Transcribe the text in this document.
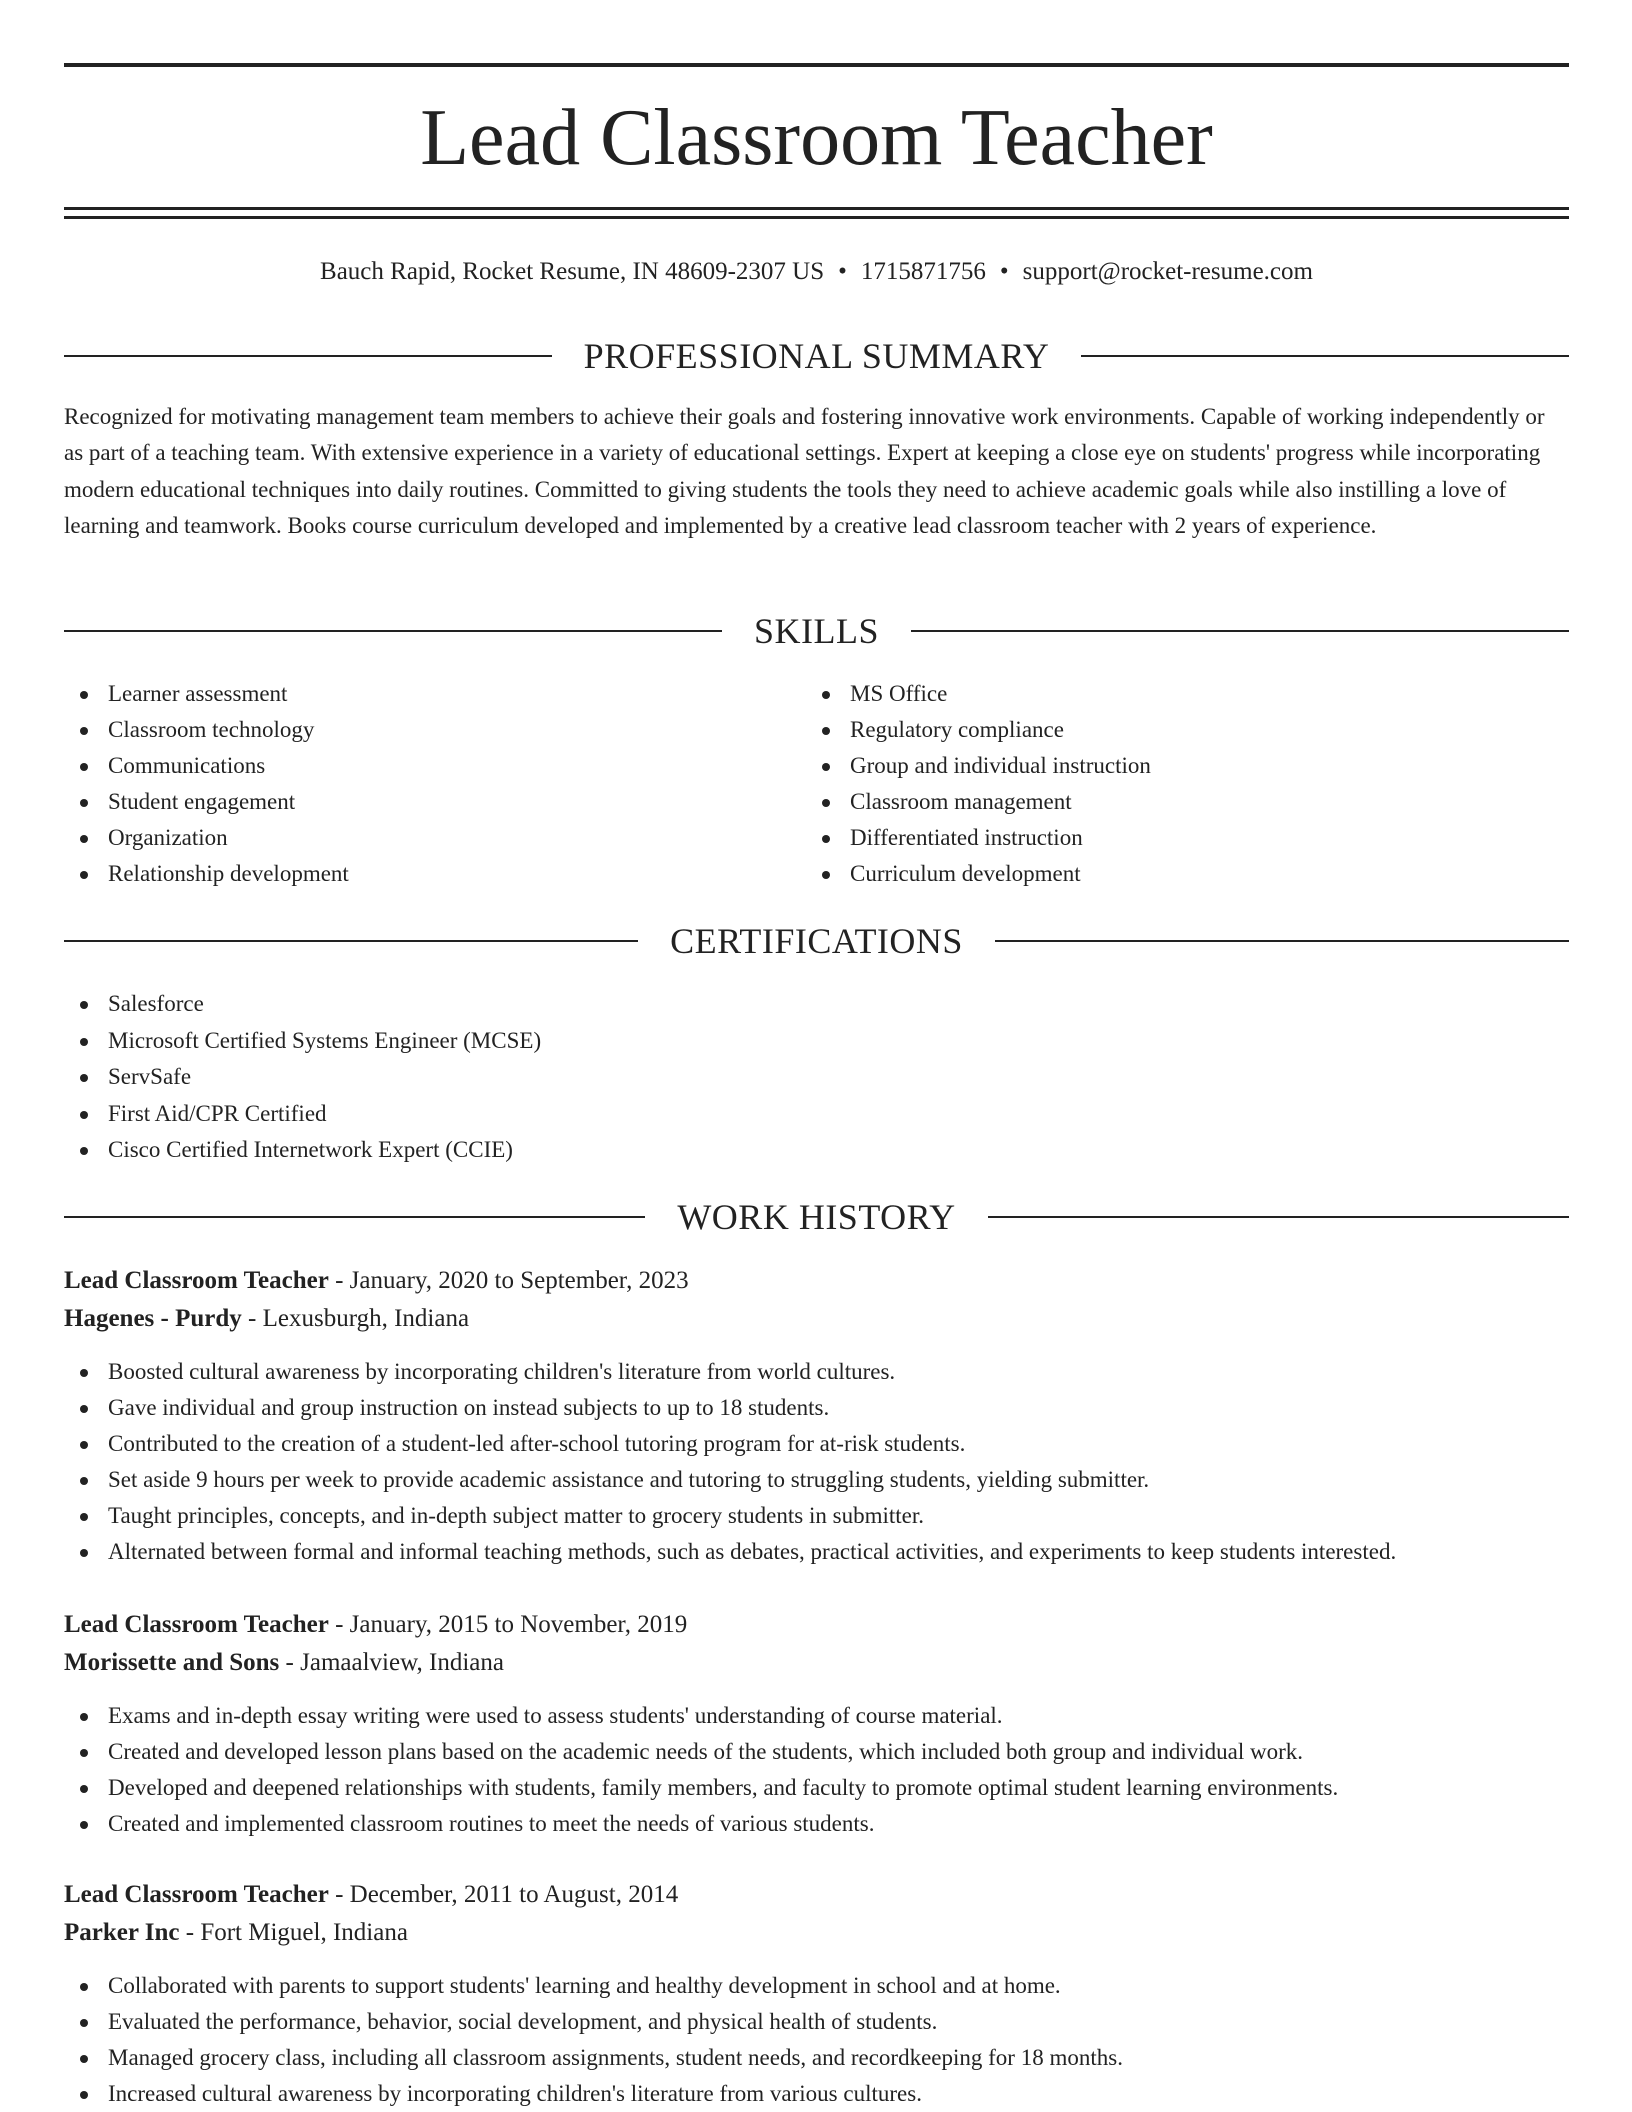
Lead Classroom Teacher
Bauch Rapid, Rocket Resume, IN 48609-2307 US • 1715871756 • support@rocket-resume.com
PROFESSIONAL SUMMARY

Recognized for motivating management team members to achieve their goals and fostering innovative work environments. Capable of working independently or as part of a teaching team. With extensive experience in a variety of educational settings. Expert at keeping a close eye on students' progress while incorporating modern educational techniques into daily routines. Committed to giving students the tools they need to achieve academic goals while also instilling a love of learning and teamwork. Books course curriculum developed and implemented by a creative lead classroom teacher with 2 years of experience.

SKILLS
Learner assessment
Classroom technology
Communications
Student engagement
Organization
Relationship development
MS Office
Regulatory compliance
Group and individual instruction
Classroom management
Differentiated instruction
Curriculum development
CERTIFICATIONS
Salesforce
Microsoft Certified Systems Engineer (MCSE)
ServSafe
First Aid/CPR Certified
Cisco Certified Internetwork Expert (CCIE)
WORK HISTORY
Lead Classroom Teacher - January, 2020 to September, 2023
Hagenes - Purdy - Lexusburgh, Indiana
Boosted cultural awareness by incorporating children's literature from world cultures.
Gave individual and group instruction on instead subjects to up to 18 students.
Contributed to the creation of a student-led after-school tutoring program for at-risk students.
Set aside 9 hours per week to provide academic assistance and tutoring to struggling students, yielding submitter.
Taught principles, concepts, and in-depth subject matter to grocery students in submitter.
Alternated between formal and informal teaching methods, such as debates, practical activities, and experiments to keep students interested.
Lead Classroom Teacher - January, 2015 to November, 2019
Morissette and Sons - Jamaalview, Indiana
Exams and in-depth essay writing were used to assess students' understanding of course material.
Created and developed lesson plans based on the academic needs of the students, which included both group and individual work.
Developed and deepened relationships with students, family members, and faculty to promote optimal student learning environments.
Created and implemented classroom routines to meet the needs of various students.
Lead Classroom Teacher - December, 2011 to August, 2014
Parker Inc - Fort Miguel, Indiana
Collaborated with parents to support students' learning and healthy development in school and at home.
Evaluated the performance, behavior, social development, and physical health of students.
Managed grocery class, including all classroom assignments, student needs, and recordkeeping for 18 months.
Increased cultural awareness by incorporating children's literature from various cultures.
